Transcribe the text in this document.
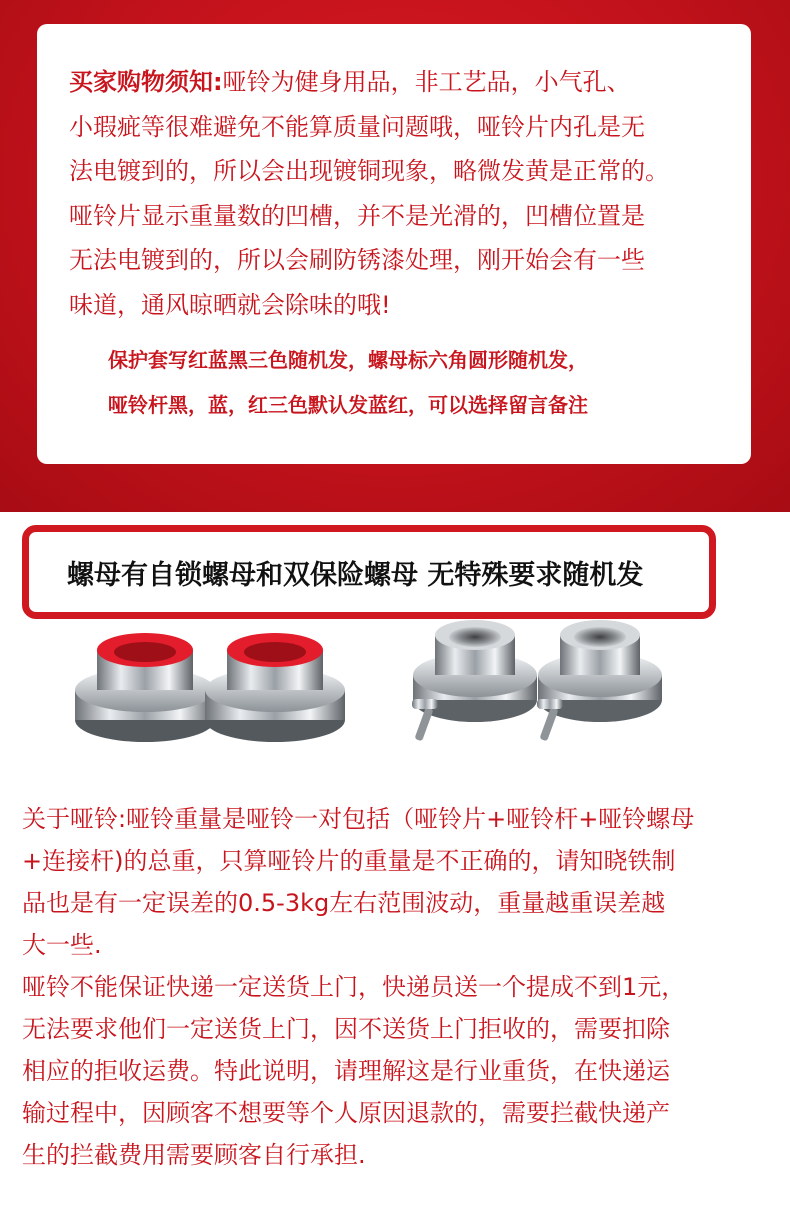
买家购物须知:哑铃为健身用品，非工艺品，小气孔、
小瑕疵等很难避免不能算质量问题哦，哑铃片内孔是无
法电镀到的，所以会出现镀铜现象，略微发黄是正常的。
哑铃片显示重量数的凹槽，并不是光滑的，凹槽位置是
无法电镀到的，所以会刷防锈漆处理，刚开始会有一些
味道，通风晾晒就会除味的哦!

保护套写红蓝黑三色随机发，螺母标六角圆形随机发，
哑铃杆黑，蓝，红三色默认发蓝红，可以选择留言备注

螺母有自锁螺母和双保险螺母 无特殊要求随机发

关于哑铃:哑铃重量是哑铃一对包括（哑铃片+哑铃杆+哑铃螺母
+连接杆)的总重，只算哑铃片的重量是不正确的，请知晓铁制
品也是有一定误差的0.5-3kg左右范围波动，重量越重误差越
大一些.
哑铃不能保证快递一定送货上门，快递员送一个提成不到1元，
无法要求他们一定送货上门，因不送货上门拒收的，需要扣除
相应的拒收运费。特此说明，请理解这是行业重货，在快递运
输过程中，因顾客不想要等个人原因退款的，需要拦截快递产
生的拦截费用需要顾客自行承担.
